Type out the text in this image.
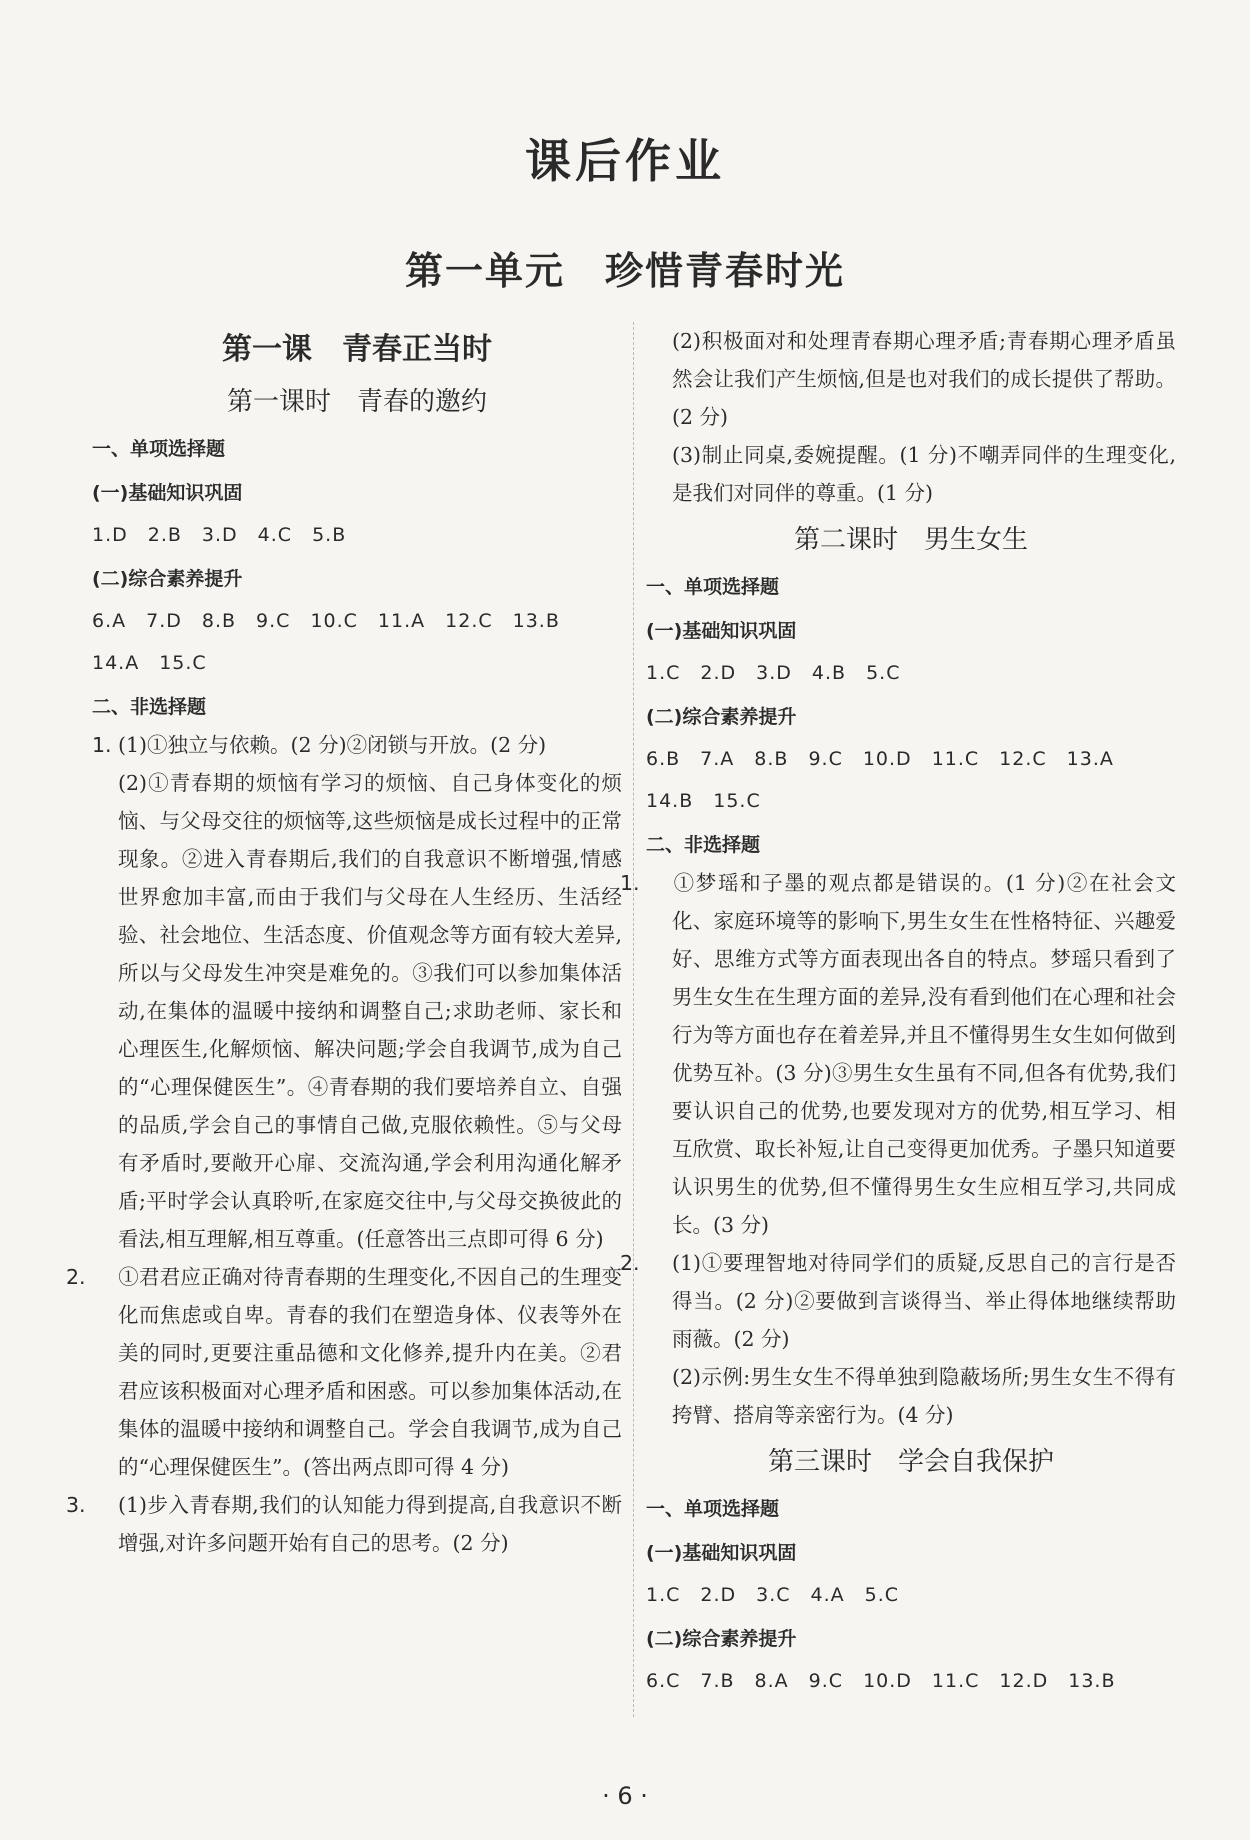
课后作业
第一单元　珍惜青春时光
第一课　青春正当时
第一课时　青春的邀约
一、单项选择题
(一)基础知识巩固
1.D　2.B　3.D　4.C　5.B
(二)综合素养提升
6.A　7.D　8.B　9.C　10.C　11.A　12.C　13.B
14.A　15.C
二、非选择题
1. (1)①独立与依赖。(2 分)②闭锁与开放。(2 分)
(2)①青春期的烦恼有学习的烦恼、自己身体变化的烦恼、与父母交往的烦恼等,这些烦恼是成长过程中的正常现象。②进入青春期后,我们的自我意识不断增强,情感世界愈加丰富,而由于我们与父母在人生经历、生活经验、社会地位、生活态度、价值观念等方面有较大差异,所以与父母发生冲突是难免的。③我们可以参加集体活动,在集体的温暖中接纳和调整自己;求助老师、家长和心理医生,化解烦恼、解决问题;学会自我调节,成为自己的“心理保健医生”。④青春期的我们要培养自立、自强的品质,学会自己的事情自己做,克服依赖性。⑤与父母有矛盾时,要敞开心扉、交流沟通,学会利用沟通化解矛盾;平时学会认真聆听,在家庭交往中,与父母交换彼此的看法,相互理解,相互尊重。(任意答出三点即可得 6 分)
2. ①君君应正确对待青春期的生理变化,不因自己的生理变化而焦虑或自卑。青春的我们在塑造身体、仪表等外在美的同时,更要注重品德和文化修养,提升内在美。②君君应该积极面对心理矛盾和困惑。可以参加集体活动,在集体的温暖中接纳和调整自己。学会自我调节,成为自己的“心理保健医生”。(答出两点即可得 4 分)
3. (1)步入青春期,我们的认知能力得到提高,自我意识不断增强,对许多问题开始有自己的思考。(2 分)
(2)积极面对和处理青春期心理矛盾;青春期心理矛盾虽然会让我们产生烦恼,但是也对我们的成长提供了帮助。(2 分)
(3)制止同桌,委婉提醒。(1 分)不嘲弄同伴的生理变化,是我们对同伴的尊重。(1 分)
第二课时　男生女生
一、单项选择题
(一)基础知识巩固
1.C　2.D　3.D　4.B　5.C
(二)综合素养提升
6.B　7.A　8.B　9.C　10.D　11.C　12.C　13.A
14.B　15.C
二、非选择题
1. ①梦瑶和子墨的观点都是错误的。(1 分)②在社会文化、家庭环境等的影响下,男生女生在性格特征、兴趣爱好、思维方式等方面表现出各自的特点。梦瑶只看到了男生女生在生理方面的差异,没有看到他们在心理和社会行为等方面也存在着差异,并且不懂得男生女生如何做到优势互补。(3 分)③男生女生虽有不同,但各有优势,我们要认识自己的优势,也要发现对方的优势,相互学习、相互欣赏、取长补短,让自己变得更加优秀。子墨只知道要认识男生的优势,但不懂得男生女生应相互学习,共同成长。(3 分)
2. (1)①要理智地对待同学们的质疑,反思自己的言行是否得当。(2 分)②要做到言谈得当、举止得体地继续帮助雨薇。(2 分)
(2)示例:男生女生不得单独到隐蔽场所;男生女生不得有挎臂、搭肩等亲密行为。(4 分)
第三课时　学会自我保护
一、单项选择题
(一)基础知识巩固
1.C　2.D　3.C　4.A　5.C
(二)综合素养提升
6.C　7.B　8.A　9.C　10.D　11.C　12.D　13.B
· 6 ·
